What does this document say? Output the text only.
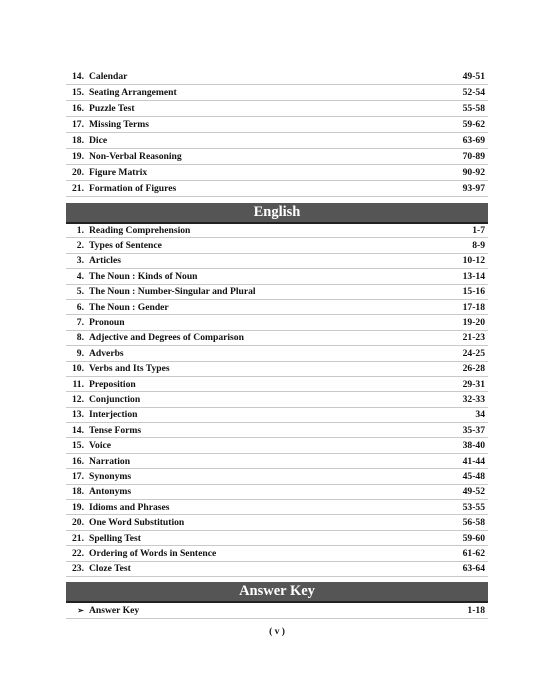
14. Calendar	49-51
15. Seating Arrangement	52-54
16. Puzzle Test	55-58
17. Missing Terms	59-62
18. Dice	63-69
19. Non-Verbal Reasoning	70-89
20. Figure Matrix	90-92
21. Formation of Figures	93-97
English
1. Reading Comprehension	1-7
2. Types of Sentence	8-9
3. Articles	10-12
4. The Noun : Kinds of Noun	13-14
5. The Noun : Number-Singular and Plural	15-16
6. The Noun : Gender	17-18
7. Pronoun	19-20
8. Adjective and Degrees of Comparison	21-23
9. Adverbs	24-25
10. Verbs and Its Types	26-28
11. Preposition	29-31
12. Conjunction	32-33
13. Interjection	34
14. Tense Forms	35-37
15. Voice	38-40
16. Narration	41-44
17. Synonyms	45-48
18. Antonyms	49-52
19. Idioms and Phrases	53-55
20. One Word Substitution	56-58
21. Spelling Test	59-60
22. Ordering of Words in Sentence	61-62
23. Cloze Test	63-64
Answer Key
➢ Answer Key	1-18
( v )
